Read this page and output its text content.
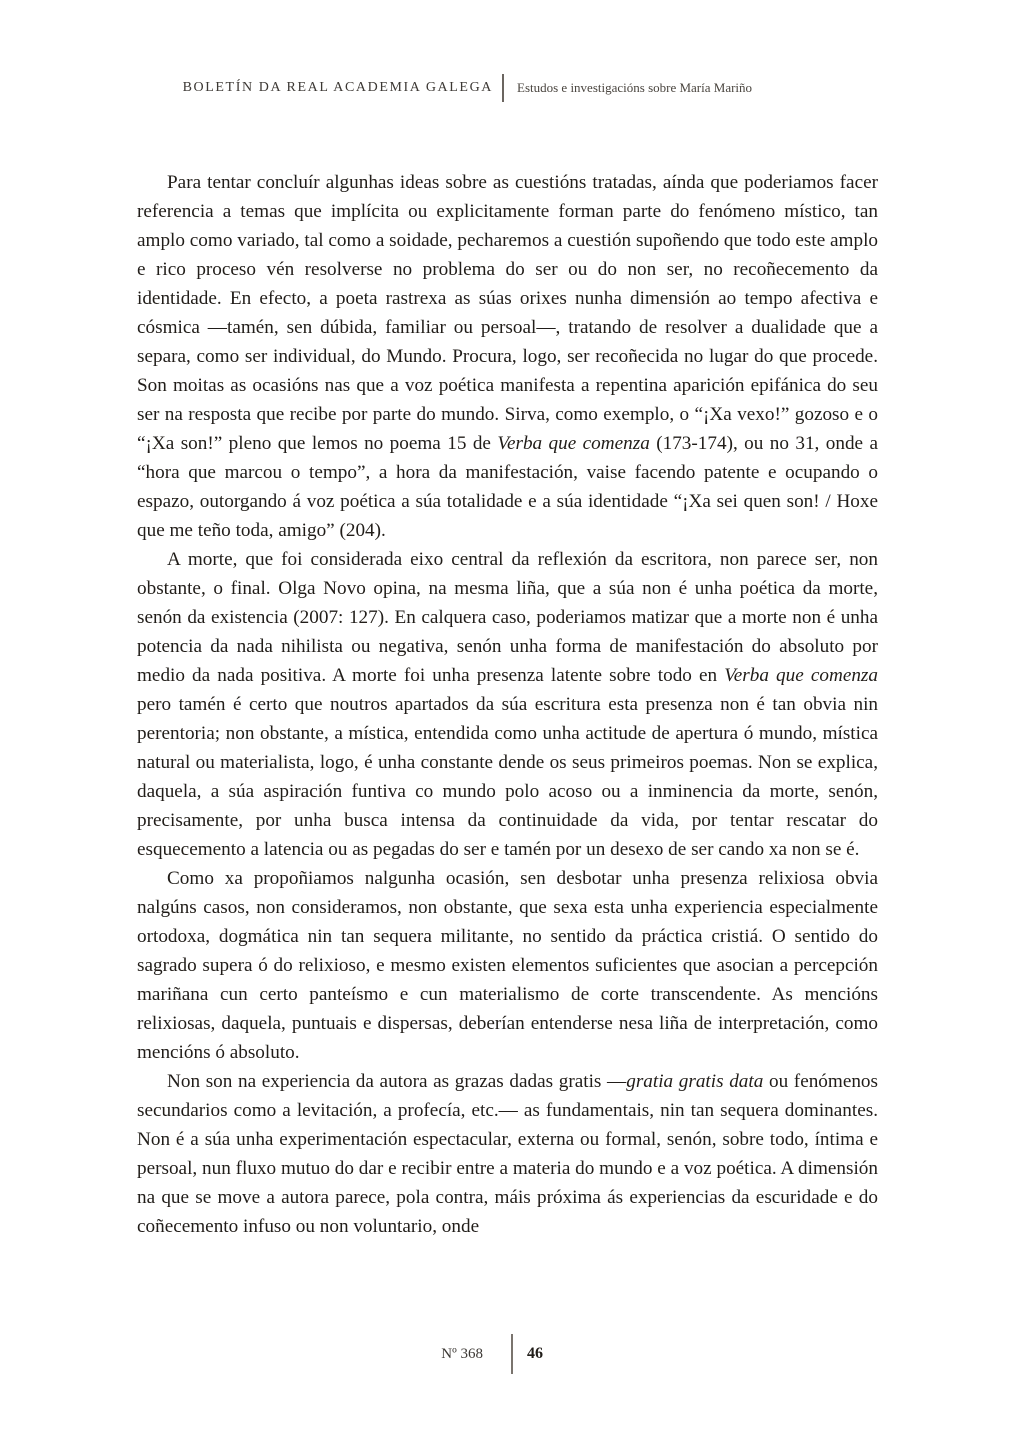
BOLETÍN DA REAL ACADEMIA GALEGA Estudos e investigacións sobre María Mariño

Para tentar concluír algunhas ideas sobre as cuestións tratadas, aínda que poderiamos facer referencia a temas que implícita ou explicitamente forman parte do fenómeno místico, tan amplo como variado, tal como a soidade, pecharemos a cuestión supoñendo que todo este amplo e rico proceso vén resolverse no problema do ser ou do non ser, no recoñecemento da identidade. En efecto, a poeta rastrexa as súas orixes nunha dimensión ao tempo afectiva e cósmica —tamén, sen dúbida, familiar ou persoal—, tratando de resolver a dualidade que a separa, como ser individual, do Mundo. Procura, logo, ser recoñecida no lugar do que procede. Son moitas as ocasións nas que a voz poética manifesta a repentina aparición epifánica do seu ser na resposta que recibe por parte do mundo. Sirva, como exemplo, o “¡Xa vexo!” gozoso e o “¡Xa son!” pleno que lemos no poema 15 de Verba que comenza (173-174), ou no 31, onde a “hora que marcou o tempo”, a hora da manifestación, vaise facendo patente e ocupando o espazo, outorgando á voz poética a súa totalidade e a súa identidade “¡Xa sei quen son! / Hoxe que me teño toda, amigo” (204).

A morte, que foi considerada eixo central da reflexión da escritora, non parece ser, non obstante, o final. Olga Novo opina, na mesma liña, que a súa non é unha poética da morte, senón da existencia (2007: 127). En calquera caso, poderiamos matizar que a morte non é unha potencia da nada nihilista ou negativa, senón unha forma de manifestación do absoluto por medio da nada positiva. A morte foi unha presenza latente sobre todo en Verba que comenza pero tamén é certo que noutros apartados da súa escritura esta presenza non é tan obvia nin perentoria; non obstante, a mística, entendida como unha actitude de apertura ó mundo, mística natural ou materialista, logo, é unha constante dende os seus primeiros poemas. Non se explica, daquela, a súa aspiración funtiva co mundo polo acoso ou a inminencia da morte, senón, precisamente, por unha busca intensa da continuidade da vida, por tentar rescatar do esquecemento a latencia ou as pegadas do ser e tamén por un desexo de ser cando xa non se é.

Como xa propoñiamos nalgunha ocasión, sen desbotar unha presenza relixiosa obvia nalgúns casos, non consideramos, non obstante, que sexa esta unha experiencia especialmente ortodoxa, dogmática nin tan sequera militante, no sentido da práctica cristiá. O sentido do sagrado supera ó do relixioso, e mesmo existen elementos suficientes que asocian a percepción mariñana cun certo panteísmo e cun materialismo de corte transcendente. As mencións relixiosas, daquela, puntuais e dispersas, deberían entenderse nesa liña de interpretación, como mencións ó absoluto.

Non son na experiencia da autora as grazas dadas gratis —gratia gratis data ou fenómenos secundarios como a levitación, a profecía, etc.— as fundamentais, nin tan sequera dominantes. Non é a súa unha experimentación espectacular, externa ou formal, senón, sobre todo, íntima e persoal, nun fluxo mutuo do dar e recibir entre a materia do mundo e a voz poética. A dimensión na que se move a autora parece, pola contra, máis próxima ás experiencias da escuridade e do coñecemento infuso ou non voluntario, onde

Nº 368	46
